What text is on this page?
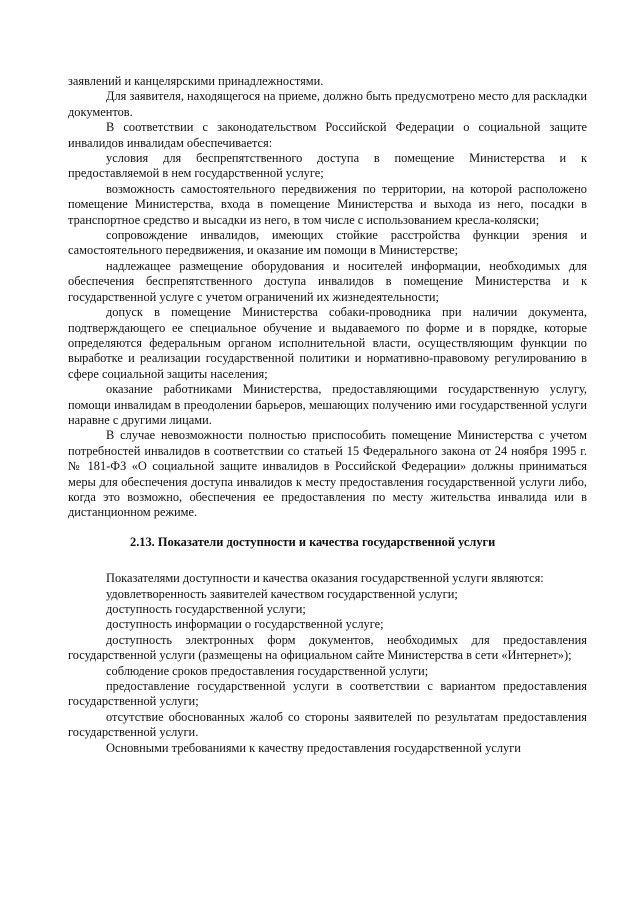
заявлений и канцелярскими принадлежностями.

Для заявителя, находящегося на приеме, должно быть предусмотрено место для раскладки документов.

В соответствии с законодательством Российской Федерации о социальной защите инвалидов инвалидам обеспечивается:

условия для беспрепятственного доступа в помещение Министерства и к предоставляемой в нем государственной услуге;

возможность самостоятельного передвижения по территории, на которой расположено помещение Министерства, входа в помещение Министерства и выхода из него, посадки в транспортное средство и высадки из него, в том числе с использованием кресла-коляски;

сопровождение инвалидов, имеющих стойкие расстройства функции зрения и самостоятельного передвижения, и оказание им помощи в Министерстве;

надлежащее размещение оборудования и носителей информации, необходимых для обеспечения беспрепятственного доступа инвалидов в помещение Министерства и к государственной услуге с учетом ограничений их жизнедеятельности;

допуск в помещение Министерства собаки-проводника при наличии документа, подтверждающего ее специальное обучение и выдаваемого по форме и в порядке, которые определяются федеральным органом исполнительной власти, осуществляющим функции по выработке и реализации государственной политики и нормативно-правовому регулированию в сфере социальной защиты населения;

оказание работниками Министерства, предоставляющими государственную услугу, помощи инвалидам в преодолении барьеров, мешающих получению ими государственной услуги наравне с другими лицами.

В случае невозможности полностью приспособить помещение Министерства с учетом потребностей инвалидов в соответствии со статьей 15 Федерального закона от 24 ноября 1995 г. № 181-ФЗ «О социальной защите инвалидов в Российской Федерации» должны приниматься меры для обеспечения доступа инвалидов к месту предоставления государственной услуги либо, когда это возможно, обеспечения ее предоставления по месту жительства инвалида или в дистанционном режиме.

2.13. Показатели доступности и качества государственной услуги

Показателями доступности и качества оказания государственной услуги являются:

удовлетворенность заявителей качеством государственной услуги;

доступность государственной услуги;

доступность информации о государственной услуге;

доступность электронных форм документов, необходимых для предоставления государственной услуги (размещены на официальном сайте Министерства в сети «Интернет»);

соблюдение сроков предоставления государственной услуги;

предоставление государственной услуги в соответствии с вариантом предоставления государственной услуги;

отсутствие обоснованных жалоб со стороны заявителей по результатам предоставления государственной услуги.

Основными требованиями к качеству предоставления государственной услуги
